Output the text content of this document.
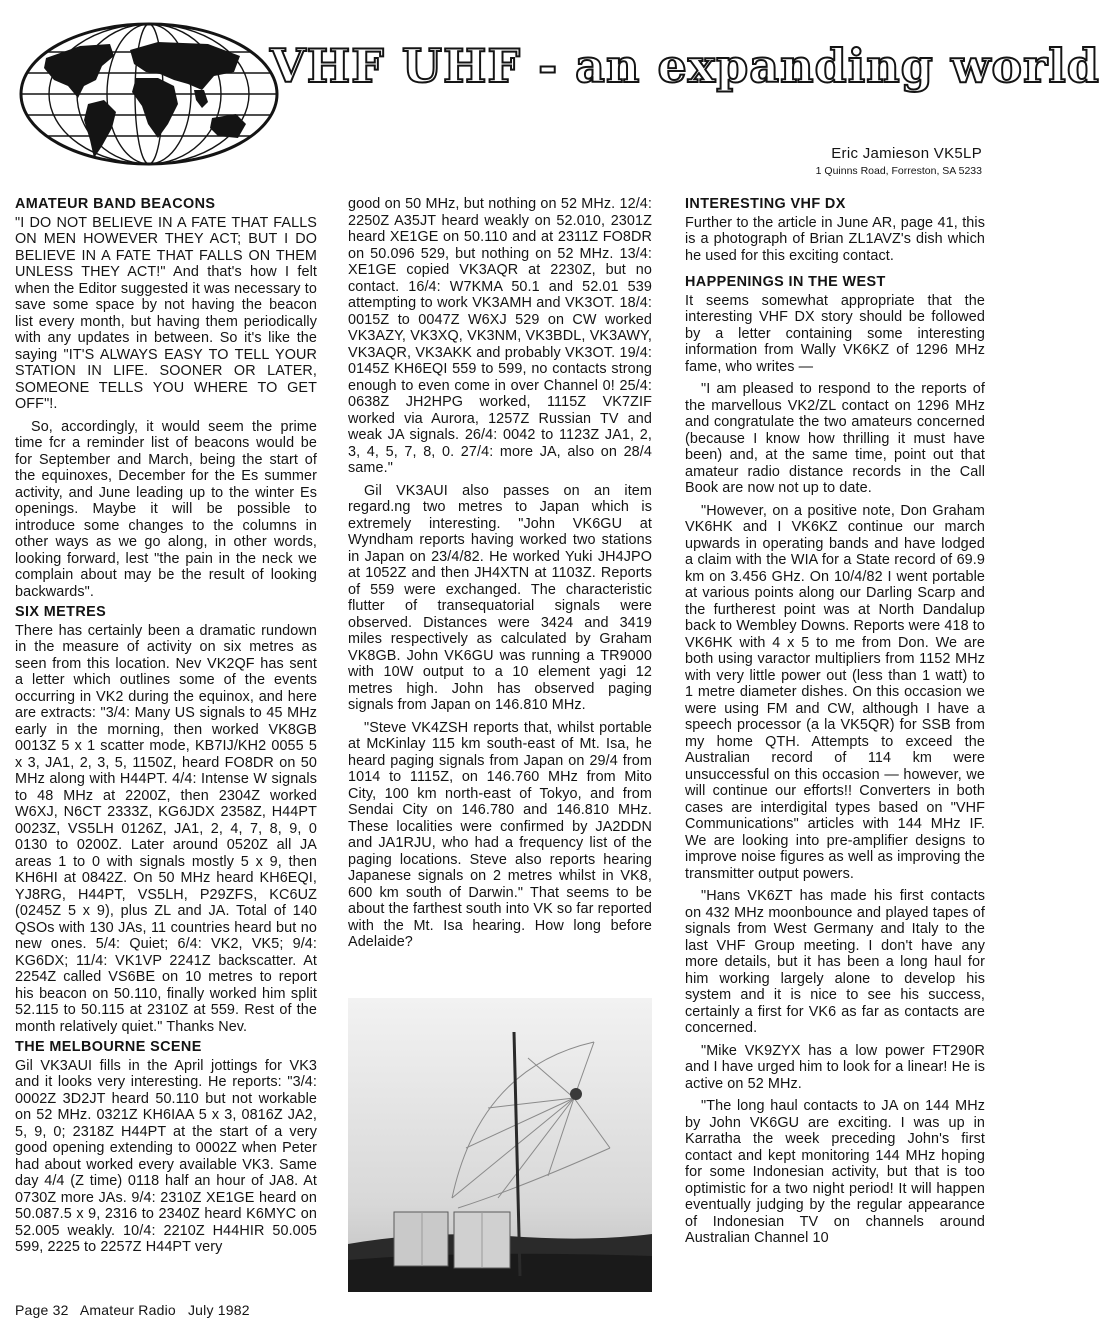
VHF UHF - an expanding world
Eric Jamieson VK5LP
1 Quinns Road, Forreston, SA 5233
AMATEUR BAND BEACONS

"I DO NOT BELIEVE IN A FATE THAT FALLS ON MEN HOWEVER THEY ACT; BUT I DO BELIEVE IN A FATE THAT FALLS ON THEM UNLESS THEY ACT!" And that's how I felt when the Editor suggested it was necessary to save some space by not having the beacon list every month, but having them periodically with any updates in between. So it's like the saying "IT'S ALWAYS EASY TO TELL YOUR STATION IN LIFE. SOONER OR LATER, SOMEONE TELLS YOU WHERE TO GET OFF"!.

So, accordingly, it would seem the prime time fcr a reminder list of beacons would be for September and March, being the start of the equinoxes, December for the Es summer activity, and June leading up to the winter Es openings. Maybe it will be possible to introduce some changes to the columns in other ways as we go along, in other words, looking forward, lest "the pain in the neck we complain about may be the result of looking backwards".

SIX METRES

There has certainly been a dramatic rundown in the measure of activity on six metres as seen from this location. Nev VK2QF has sent a letter which outlines some of the events occurring in VK2 during the equinox, and here are extracts: "3/4: Many US signals to 45 MHz early in the morning, then worked VK8GB 0013Z 5 x 1 scatter mode, KB7IJ/KH2 0055 5 x 3, JA1, 2, 3, 5, 1150Z, heard FO8DR on 50 MHz along with H44PT. 4/4: Intense W signals to 48 MHz at 2200Z, then 2304Z worked W6XJ, N6CT 2333Z, KG6JDX 2358Z, H44PT 0023Z, VS5LH 0126Z, JA1, 2, 4, 7, 8, 9, 0 0130 to 0200Z. Later around 0520Z all JA areas 1 to 0 with signals mostly 5 x 9, then KH6HI at 0842Z. On 50 MHz heard KH6EQI, YJ8RG, H44PT, VS5LH, P29ZFS, KC6UZ (0245Z 5 x 9), plus ZL and JA. Total of 140 QSOs with 130 JAs, 11 countries heard but no new ones. 5/4: Quiet; 6/4: VK2, VK5; 9/4: KG6DX; 11/4: VK1VP 2241Z backscatter. At 2254Z called VS6BE on 10 metres to report his beacon on 50.110, finally worked him split 52.115 to 50.115 at 2310Z at 559. Rest of the month relatively quiet." Thanks Nev.

THE MELBOURNE SCENE

Gil VK3AUI fills in the April jottings for VK3 and it looks very interesting. He reports: "3/4: 0002Z 3D2JT heard 50.110 but not workable on 52 MHz. 0321Z KH6IAA 5 x 3, 0816Z JA2, 5, 9, 0; 2318Z H44PT at the start of a very good opening extending to 0002Z when Peter had about worked every available VK3. Same day 4/4 (Z time) 0118 half an hour of JA8. At 0730Z more JAs. 9/4: 2310Z XE1GE heard on 50.087.5 x 9, 2316 to 2340Z heard K6MYC on 52.005 weakly. 10/4: 2210Z H44HIR 50.005 599, 2225 to 2257Z H44PT very

good on 50 MHz, but nothing on 52 MHz. 12/4: 2250Z A35JT heard weakly on 52.010, 2301Z heard XE1GE on 50.110 and at 2311Z FO8DR on 50.096 529, but nothing on 52 MHz. 13/4: XE1GE copied VK3AQR at 2230Z, but no contact. 16/4: W7KMA 50.1 and 52.01 539 attempting to work VK3AMH and VK3OT. 18/4: 0015Z to 0047Z W6XJ 529 on CW worked VK3AZY, VK3XQ, VK3NM, VK3BDL, VK3AWY, VK3AQR, VK3AKK and probably VK3OT. 19/4: 0145Z KH6EQI 559 to 599, no contacts strong enough to even come in over Channel 0! 25/4: 0638Z JH2HPG worked, 1115Z VK7ZIF worked via Aurora, 1257Z Russian TV and weak JA signals. 26/4: 0042 to 1123Z JA1, 2, 3, 4, 5, 7, 8, 0. 27/4: more JA, also on 28/4 same."

Gil VK3AUI also passes on an item regard.ng two metres to Japan which is extremely interesting. "John VK6GU at Wyndham reports having worked two stations in Japan on 23/4/82. He worked Yuki JH4JPO at 1052Z and then JH4XTN at 1103Z. Reports of 559 were exchanged. The characteristic flutter of transequatorial signals were observed. Distances were 3424 and 3419 miles respectively as calculated by Graham VK8GB. John VK6GU was running a TR9000 with 10W output to a 10 element yagi 12 metres high. John has observed paging signals from Japan on 146.810 MHz.

"Steve VK4ZSH reports that, whilst portable at McKinlay 115 km south-east of Mt. Isa, he heard paging signals from Japan on 29/4 from 1014 to 1115Z, on 146.760 MHz from Mito City, 100 km north-east of Tokyo, and from Sendai City on 146.780 and 146.810 MHz. These localities were confirmed by JA2DDN and JA1RJU, who had a frequency list of the paging locations. Steve also reports hearing Japanese signals on 2 metres whilst in VK8, 600 km south of Darwin." That seems to be about the farthest south into VK so far reported with the Mt. Isa hearing. How long before Adelaide?

INTERESTING VHF DX

Further to the article in June AR, page 41, this is a photograph of Brian ZL1AVZ's dish which he used for this exciting contact.

HAPPENINGS IN THE WEST

It seems somewhat appropriate that the interesting VHF DX story should be followed by a letter containing some interesting information from Wally VK6KZ of 1296 MHz fame, who writes —

"I am pleased to respond to the reports of the marvellous VK2/ZL contact on 1296 MHz and congratulate the two amateurs concerned (because I know how thrilling it must have been) and, at the same time, point out that amateur radio distance records in the Call Book are now not up to date.

"However, on a positive note, Don Graham VK6HK and I VK6KZ continue our march upwards in operating bands and have lodged a claim with the WIA for a State record of 69.9 km on 3.456 GHz. On 10/4/82 I went portable at various points along our Darling Scarp and the furtherest point was at North Dandalup back to Wembley Downs. Reports were 418 to VK6HK with 4 x 5 to me from Don. We are both using varactor multipliers from 1152 MHz with very little power out (less than 1 watt) to 1 metre diameter dishes. On this occasion we were using FM and CW, although I have a speech processor (a la VK5QR) for SSB from my home QTH. Attempts to exceed the Australian record of 114 km were unsuccessful on this occasion — however, we will continue our efforts!! Converters in both cases are interdigital types based on "VHF Communications" articles with 144 MHz IF. We are looking into pre-amplifier designs to improve noise figures as well as improving the transmitter output powers.

"Hans VK6ZT has made his first contacts on 432 MHz moonbounce and played tapes of signals from West Germany and Italy to the last VHF Group meeting. I don't have any more details, but it has been a long haul for him working largely alone to develop his system and it is nice to see his success, certainly a first for VK6 as far as contacts are concerned.

"Mike VK9ZYX has a low power FT290R and I have urged him to look for a linear! He is active on 52 MHz.

"The long haul contacts to JA on 144 MHz by John VK6GU are exciting. I was up in Karratha the week preceding John's first contact and kept monitoring 144 MHz hoping for some Indonesian activity, but that is too optimistic for a two night period! It will happen eventually judging by the regular appearance of Indonesian TV on channels around Australian Channel 10

Page 32 Amateur Radio July 1982
